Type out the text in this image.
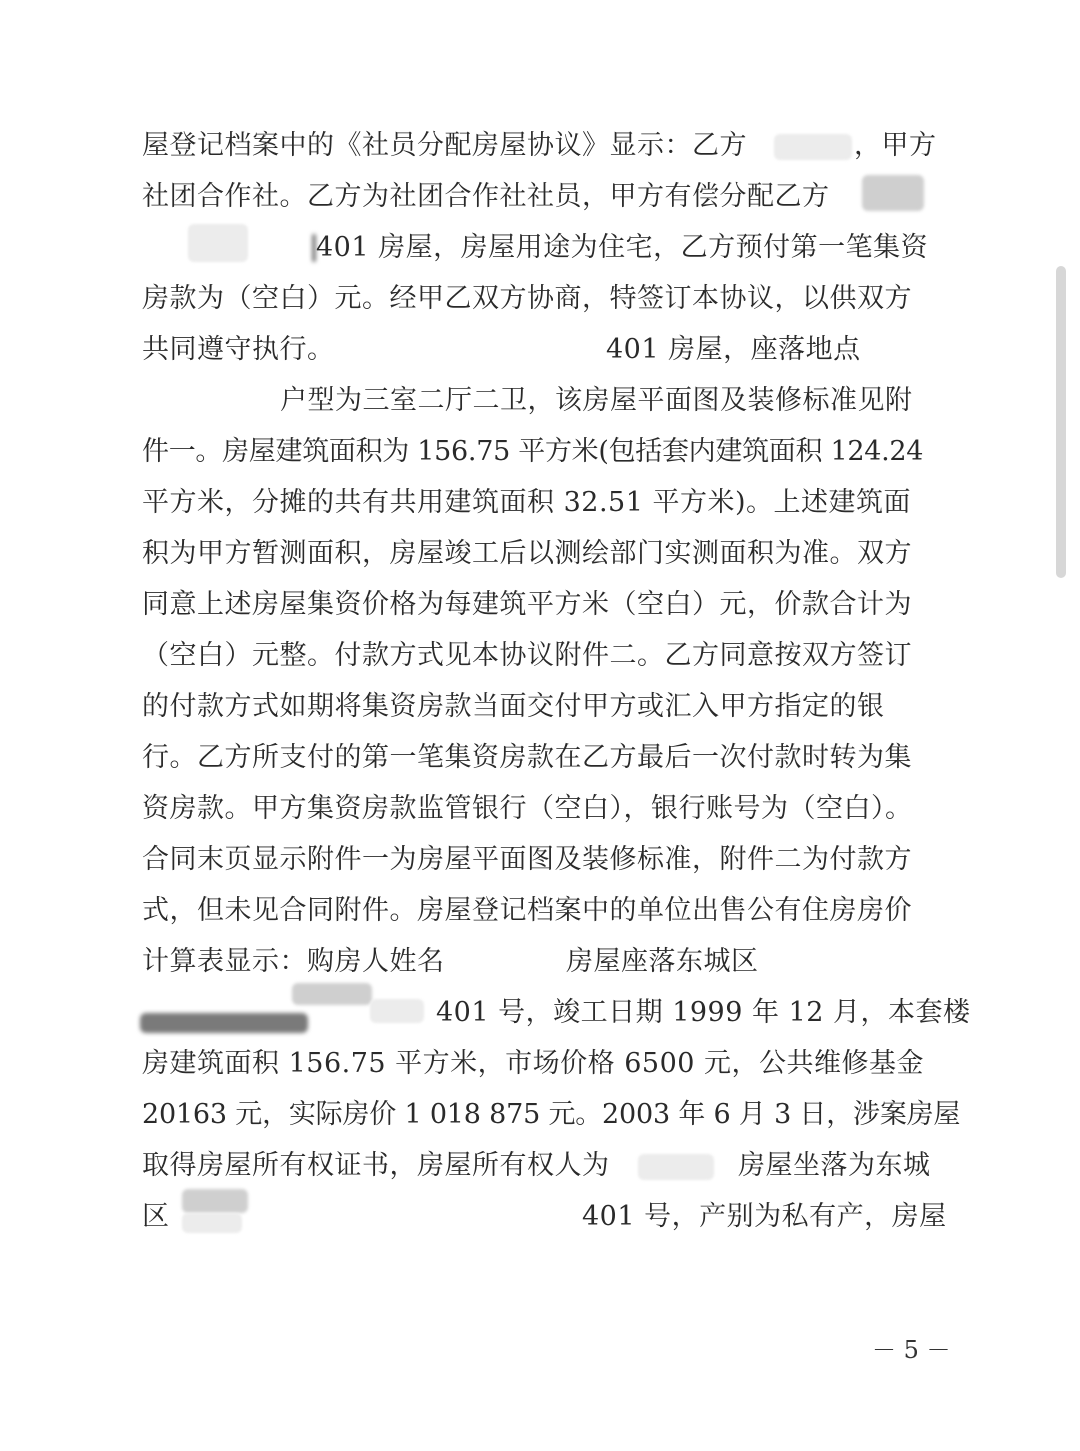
屋登记档案中的《社员分配房屋协议》显示：乙方	，甲方
社团合作社。乙方为社团合作社社员，甲方有偿分配乙方
401 房屋，房屋用途为住宅，乙方预付第一笔集资
房款为（空白）元。经甲乙双方协商，特签订本协议，以供双方
共同遵守执行。	401 房屋，座落地点
户型为三室二厅二卫，该房屋平面图及装修标准见附
件一。房屋建筑面积为 156.75 平方米(包括套内建筑面积 124.24
平方米，分摊的共有共用建筑面积 32.51 平方米)。上述建筑面
积为甲方暂测面积，房屋竣工后以测绘部门实测面积为准。双方
同意上述房屋集资价格为每建筑平方米（空白）元，价款合计为
（空白）元整。付款方式见本协议附件二。乙方同意按双方签订
的付款方式如期将集资房款当面交付甲方或汇入甲方指定的银
行。乙方所支付的第一笔集资房款在乙方最后一次付款时转为集
资房款。甲方集资房款监管银行（空白），银行账号为（空白）。
合同末页显示附件一为房屋平面图及装修标准，附件二为付款方
式，但未见合同附件。房屋登记档案中的单位出售公有住房房价
计算表显示：购房人姓名	房屋座落东城区
401 号，竣工日期 1999 年 12 月，本套楼
房建筑面积 156.75 平方米，市场价格 6500 元，公共维修基金
20163 元，实际房价 1 018 875 元。2003 年 6 月 3 日，涉案房屋
取得房屋所有权证书，房屋所有权人为	房屋坐落为东城
区	401 号，产别为私有产，房屋
－ 5 －
